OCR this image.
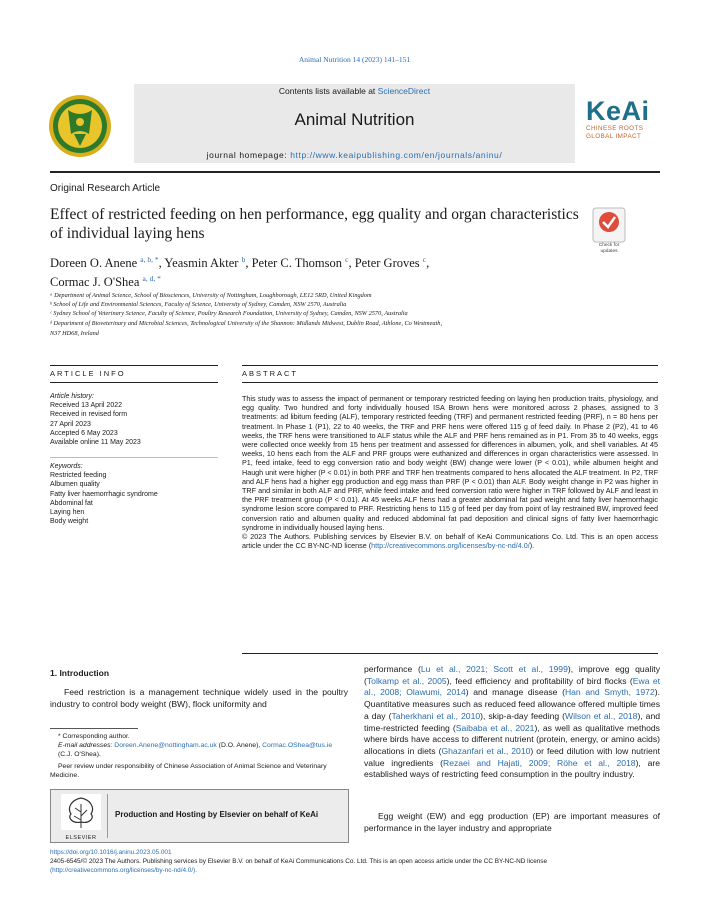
Animal Nutrition 14 (2023) 141–151
Contents lists available at ScienceDirect
Animal Nutrition
journal homepage: http://www.keaipublishing.com/en/journals/aninu/
KeAi
CHINESE ROOTS
GLOBAL IMPACT
Original Research Article
Effect of restricted feeding on hen performance, egg quality and organ characteristics of individual laying hens
Check for
updates
Doreen O. Anene $^{a, b, *}$, Yeasmin Akter $^b$, Peter C. Thomson $^c$, Peter Groves $^c$,
Cormac J. O'Shea $^{a, d, *}$
ᵃ Department of Animal Science, School of Biosciences, University of Nottingham, Loughborough, LE12 5RD, United Kingdom
ᵇ School of Life and Environmental Sciences, Faculty of Science, University of Sydney, Camden, NSW 2570, Australia
ᶜ Sydney School of Veterinary Science, Faculty of Science, Poultry Research Foundation, University of Sydney, Camden, NSW 2570, Australia
ᵈ Department of Bioveterinary and Microbial Sciences, Technological University of the Shannon: Midlands Midwest, Dublin Road, Athlone, Co Westmeath,
N37 HD68, Ireland
ARTICLE INFO
Article history:
Received 13 April 2022
Received in revised form
27 April 2023
Accepted 6 May 2023
Available online 11 May 2023
Keywords:
Restricted feeding
Albumen quality
Fatty liver haemorrhagic syndrome
Abdominal fat
Laying hen
Body weight
ABSTRACT

This study was to assess the impact of permanent or temporary restricted feeding on laying hen production traits, physiology, and egg quality. Two hundred and forty individually housed ISA Brown hens were monitored across 2 phases, assigned to 3 treatments: ad libitum feeding (ALF), temporary restricted feeding (TRF) and permanent restricted feeding (PRF), n = 80 hens per treatment. In Phase 1 (P1), 22 to 40 weeks, the TRF and PRF hens were offered 115 g of feed daily. In Phase 2 (P2), 41 to 46 weeks, the TRF hens were transitioned to ALF status while the ALF and PRF hens remained as in P1. From 35 to 40 weeks, eggs were collected once weekly from 15 hens per treatment and assessed for differences in albumen, yolk, and shell variables. At 45 weeks, 10 hens each from the ALF and PRF groups were euthanized and differences in organ characteristics were assessed. In P1, feed intake, feed to egg conversion ratio and body weight (BW) change were lower (P < 0.01), while albumen height and Haugh unit were higher (P < 0.01) in both PRF and TRF hen treatments compared to hens allocated the ALF treatment. In P2, TRF and ALF hens had a higher egg production and egg mass than PRF (P < 0.01) than ALF. Body weight change in P2 was higher in TRF and similar in both ALF and PRF, while feed intake and feed conversion ratio were higher in TRF followed by ALF and least in the PRF treatment group (P < 0.01). At 45 weeks ALF hens had a greater abdominal fat pad weight and fatty liver haemorrhagic syndrome lesion score compared to PRF. Restricting hens to 115 g of feed per day from point of lay restrained BW, improved feed conversion ratio and albumen quality and reduced abdominal fat pad deposition and clinical signs of fatty liver haemorrhagic syndrome in individually housed laying hens.

© 2023 The Authors. Publishing services by Elsevier B.V. on behalf of KeAi Communications Co. Ltd. This is an open access article under the CC BY-NC-ND license (http://creativecommons.org/licenses/by-nc-nd/4.0/).

1. Introduction
Feed restriction is a management technique widely used in the poultry industry to control body weight (BW), flock uniformity and
* Corresponding author.
E-mail addresses: Doreen.Anene@nottingham.ac.uk (D.O. Anene), Cormac.OShea@tus.ie (C.J. O'Shea).
Peer review under responsibility of Chinese Association of Animal Science and Veterinary Medicine.
ELSEVIER
Production and Hosting by Elsevier on behalf of KeAi
performance (Lu et al., 2021; Scott et al., 1999), improve egg quality (Tolkamp et al., 2005), feed efficiency and profitability of bird flocks (Ewa et al., 2008; Olawumi, 2014) and manage disease (Han and Smyth, 1972). Quantitative measures such as reduced feed allowance offered multiple times a day (Taherkhani et al., 2010), skip-a-day feeding (Wilson et al., 2018), and time-restricted feeding (Saibaba et al., 2021), as well as qualitative methods where birds have access to different nutrient (protein, energy, or amino acids) allocations in diets (Ghazanfari et al., 2010) or feed dilution with low nutrient value ingredients (Rezaei and Hajati, 2009; Röhe et al., 2018), are established ways of restricting feed consumption in the poultry industry.
Egg weight (EW) and egg production (EP) are important measures of performance in the layer industry and appropriate
https://doi.org/10.1016/j.aninu.2023.05.001
2405-6545/© 2023 The Authors. Publishing services by Elsevier B.V. on behalf of KeAi Communications Co. Ltd. This is an open access article under the CC BY-NC-ND license
(http://creativecommons.org/licenses/by-nc-nd/4.0/).
